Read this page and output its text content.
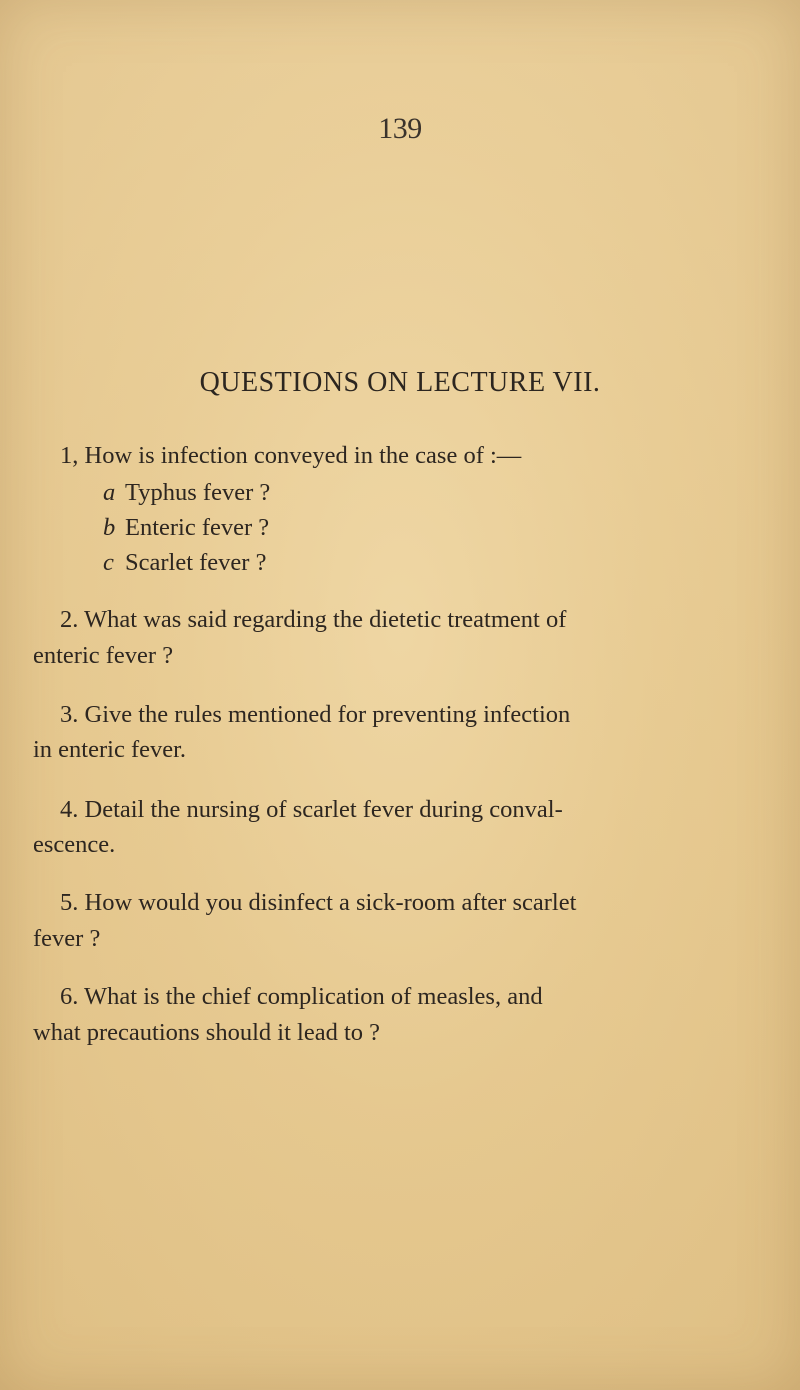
139
QUESTIONS ON LECTURE VII.
1, How is infection conveyed in the case of :—
a Typhus fever ?
b Enteric fever ?
c Scarlet fever ?
2. What was said regarding the dietetic treatment of
enteric fever ?
3. Give the rules mentioned for preventing infection
in enteric fever.
4. Detail the nursing of scarlet fever during conval-
escence.
5. How would you disinfect a sick-room after scarlet
fever ?
6. What is the chief complication of measles, and
what precautions should it lead to ?
